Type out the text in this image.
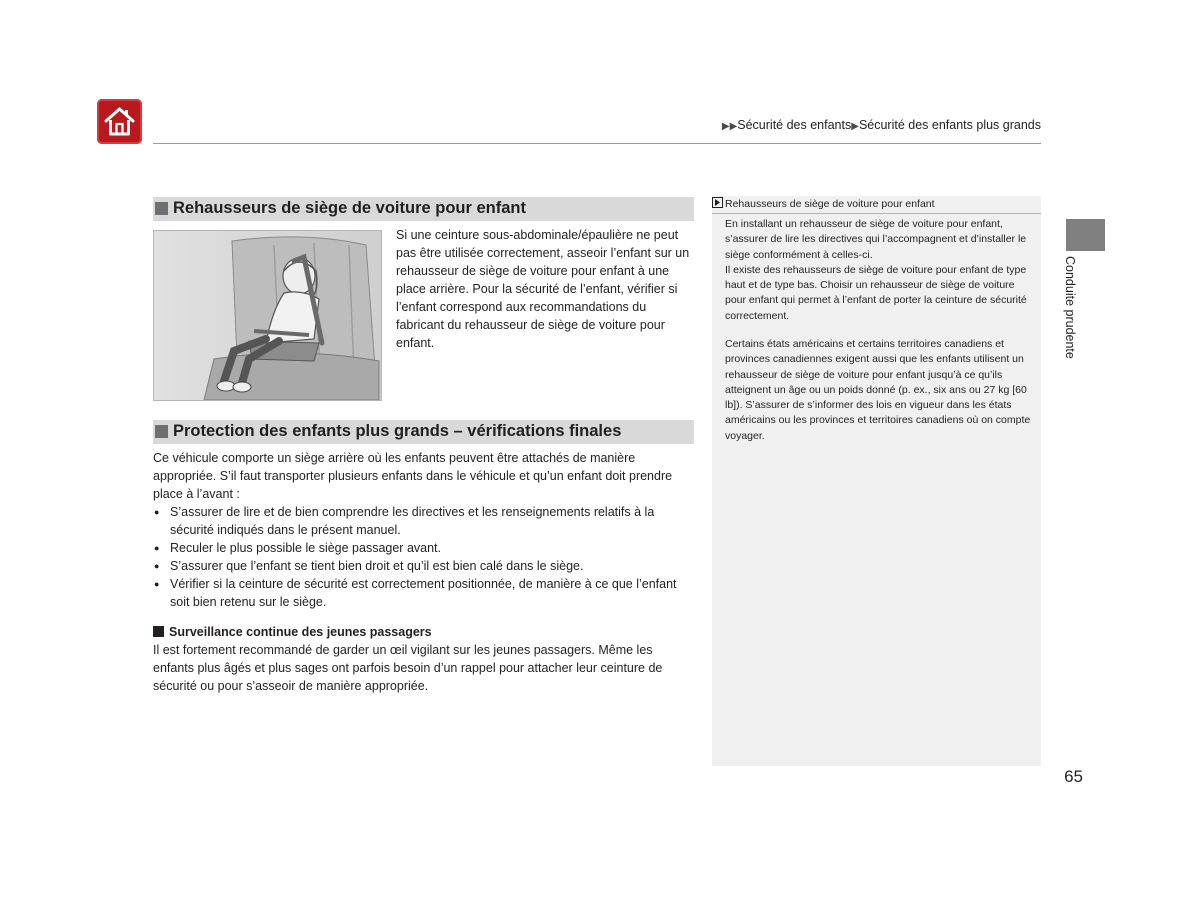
▶▶Sécurité des enfants▶Sécurité des enfants plus grands
Rehausseurs de siège de voiture pour enfant
Si une ceinture sous-abdominale/épaulière ne peut pas être utilisée correctement, asseoir l’enfant sur un rehausseur de siège de voiture pour enfant à une place arrière. Pour la sécurité de l’enfant, vérifier si l’enfant correspond aux recommandations du fabricant du rehausseur de siège de voiture pour enfant.
Protection des enfants plus grands – vérifications finales
Ce véhicule comporte un siège arrière où les enfants peuvent être attachés de manière appropriée. S’il faut transporter plusieurs enfants dans le véhicule et qu’un enfant doit prendre place à l’avant :
● S’assurer de lire et de bien comprendre les directives et les renseignements relatifs à la sécurité indiqués dans le présent manuel.
● Reculer le plus possible le siège passager avant.
● S’assurer que l’enfant se tient bien droit et qu’il est bien calé dans le siège.
● Vérifier si la ceinture de sécurité est correctement positionnée, de manière à ce que l’enfant soit bien retenu sur le siège.
Surveillance continue des jeunes passagers
Il est fortement recommandé de garder un œil vigilant sur les jeunes passagers. Même les enfants plus âgés et plus sages ont parfois besoin d’un rappel pour attacher leur ceinture de sécurité ou pour s’asseoir de manière appropriée.
Rehausseurs de siège de voiture pour enfant
En installant un rehausseur de siège de voiture pour enfant, s’assurer de lire les directives qui l’accompagnent et d’installer le siège conformément à celles-ci.
Il existe des rehausseurs de siège de voiture pour enfant de type haut et de type bas. Choisir un rehausseur de siège de voiture pour enfant qui permet à l’enfant de porter la ceinture de sécurité correctement.
Certains états américains et certains territoires canadiens et provinces canadiennes exigent aussi que les enfants utilisent un rehausseur de siège de voiture pour enfant jusqu’à ce qu’ils atteignent un âge ou un poids donné (p. ex., six ans ou 27 kg [60 lb]). S’assurer de s’informer des lois en vigueur dans les états américains ou les provinces et territoires canadiens où on compte voyager.
Conduite prudente
65
